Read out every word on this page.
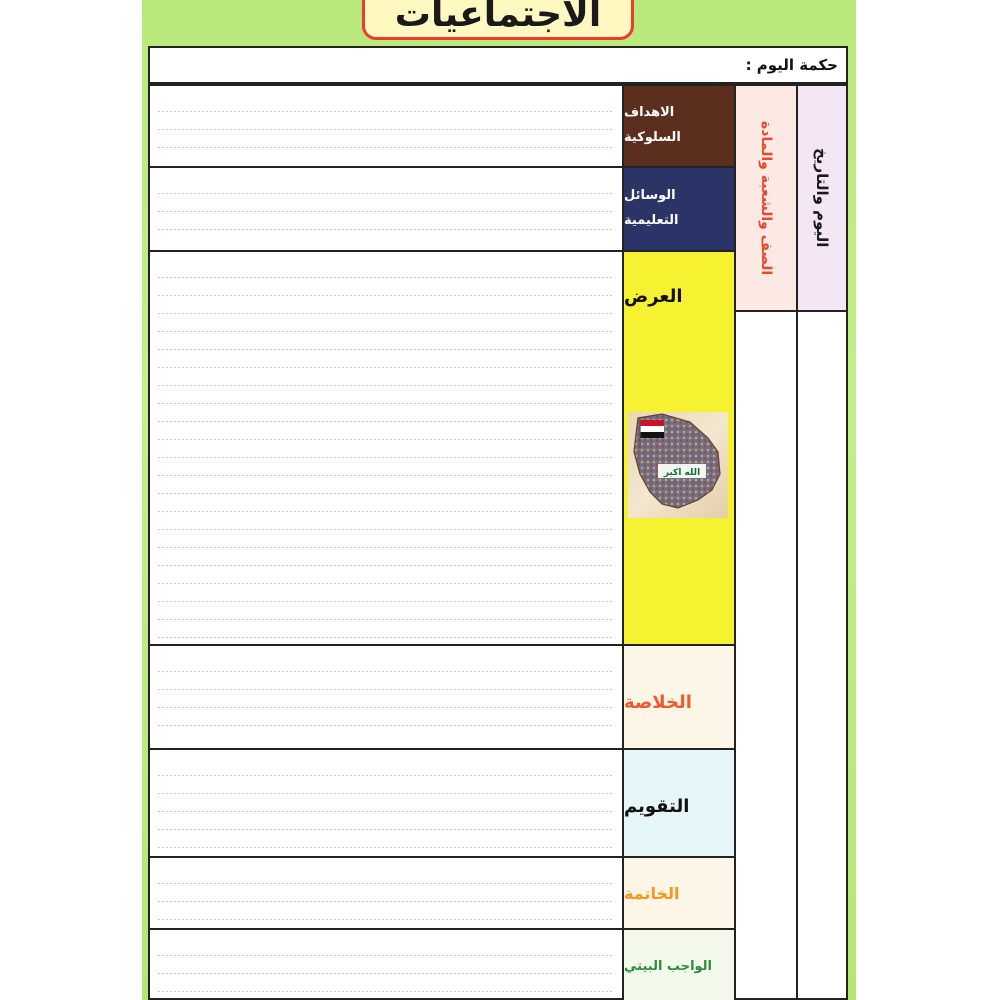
الاجتماعيات
حكمة اليوم :
الاهداف
السلوكية
الوسائل
التعليمية
العرض
الخلاصة
التقويم
الخاتمة
الواجب البيتي
الله اكبر
الصف والشعبة والمادة	اليوم والتاريخ
